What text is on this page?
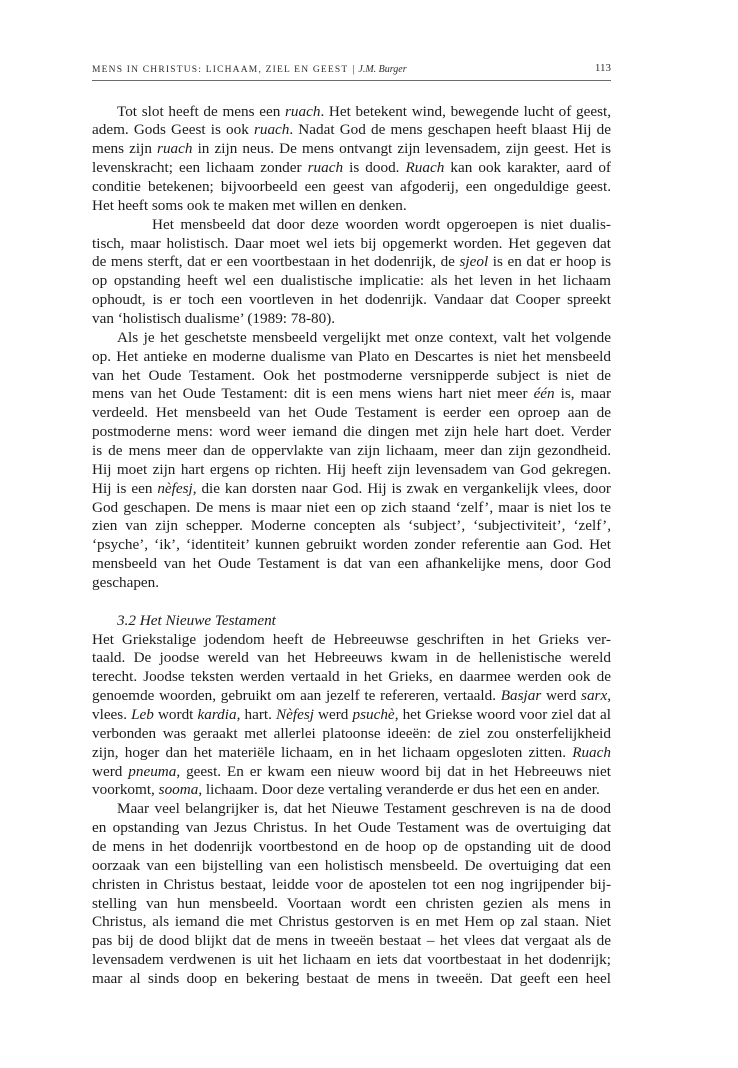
MENS IN CHRISTUS: LICHAAM, ZIEL EN GEEST | J.M. Burger	113
Tot slot heeft de mens een ruach. Het betekent wind, bewegende lucht of geest,
adem. Gods Geest is ook ruach. Nadat God de mens geschapen heeft blaast Hij de
mens zijn ruach in zijn neus. De mens ontvangt zijn levensadem, zijn geest. Het is
levenskracht; een lichaam zonder ruach is dood. Ruach kan ook karakter, aard of
conditie betekenen; bijvoorbeeld een geest van afgoderij, een ongeduldige geest.
Het heeft soms ook te maken met willen en denken.
Het mensbeeld dat door deze woorden wordt opgeroepen is niet dualis-
tisch, maar holistisch. Daar moet wel iets bij opgemerkt worden. Het gegeven dat
de mens sterft, dat er een voortbestaan in het dodenrijk, de sjeol is en dat er hoop is
op opstanding heeft wel een dualistische implicatie: als het leven in het lichaam
ophoudt, is er toch een voortleven in het dodenrijk. Vandaar dat Cooper spreekt
van ‘holistisch dualisme’ (1989: 78-80).
Als je het geschetste mensbeeld vergelijkt met onze context, valt het volgende
op. Het antieke en moderne dualisme van Plato en Descartes is niet het mensbeeld
van het Oude Testament. Ook het postmoderne versnipperde subject is niet de
mens van het Oude Testament: dit is een mens wiens hart niet meer één is, maar
verdeeld. Het mensbeeld van het Oude Testament is eerder een oproep aan de
postmoderne mens: word weer iemand die dingen met zijn hele hart doet. Verder
is de mens meer dan de oppervlakte van zijn lichaam, meer dan zijn gezondheid.
Hij moet zijn hart ergens op richten. Hij heeft zijn levensadem van God gekregen.
Hij is een nèfesj, die kan dorsten naar God. Hij is zwak en vergankelijk vlees, door
God geschapen. De mens is maar niet een op zich staand ‘zelf’, maar is niet los te
zien van zijn schepper. Moderne concepten als ‘subject’, ‘subjectiviteit’, ‘zelf’,
‘psyche’, ‘ik’, ‘identiteit’ kunnen gebruikt worden zonder referentie aan God. Het
mensbeeld van het Oude Testament is dat van een afhankelijke mens, door God
geschapen.
3.2 Het Nieuwe Testament
Het Griekstalige jodendom heeft de Hebreeuwse geschriften in het Grieks ver-
taald. De joodse wereld van het Hebreeuws kwam in de hellenistische wereld
terecht. Joodse teksten werden vertaald in het Grieks, en daarmee werden ook de
genoemde woorden, gebruikt om aan jezelf te refereren, vertaald. Basjar werd sarx,
vlees. Leb wordt kardia, hart. Nèfesj werd psuchè, het Griekse woord voor ziel dat al
verbonden was geraakt met allerlei platoonse ideeën: de ziel zou onsterfelijkheid
zijn, hoger dan het materiële lichaam, en in het lichaam opgesloten zitten. Ruach
werd pneuma, geest. En er kwam een nieuw woord bij dat in het Hebreeuws niet
voorkomt, sooma, lichaam. Door deze vertaling veranderde er dus het een en ander.
Maar veel belangrijker is, dat het Nieuwe Testament geschreven is na de dood
en opstanding van Jezus Christus. In het Oude Testament was de overtuiging dat
de mens in het dodenrijk voortbestond en de hoop op de opstanding uit de dood
oorzaak van een bijstelling van een holistisch mensbeeld. De overtuiging dat een
christen in Christus bestaat, leidde voor de apostelen tot een nog ingrijpender bij-
stelling van hun mensbeeld. Voortaan wordt een christen gezien als mens in
Christus, als iemand die met Christus gestorven is en met Hem op zal staan. Niet
pas bij de dood blijkt dat de mens in tweeën bestaat – het vlees dat vergaat als de
levensadem verdwenen is uit het lichaam en iets dat voortbestaat in het dodenrijk;
maar al sinds doop en bekering bestaat de mens in tweeën. Dat geeft een heel
